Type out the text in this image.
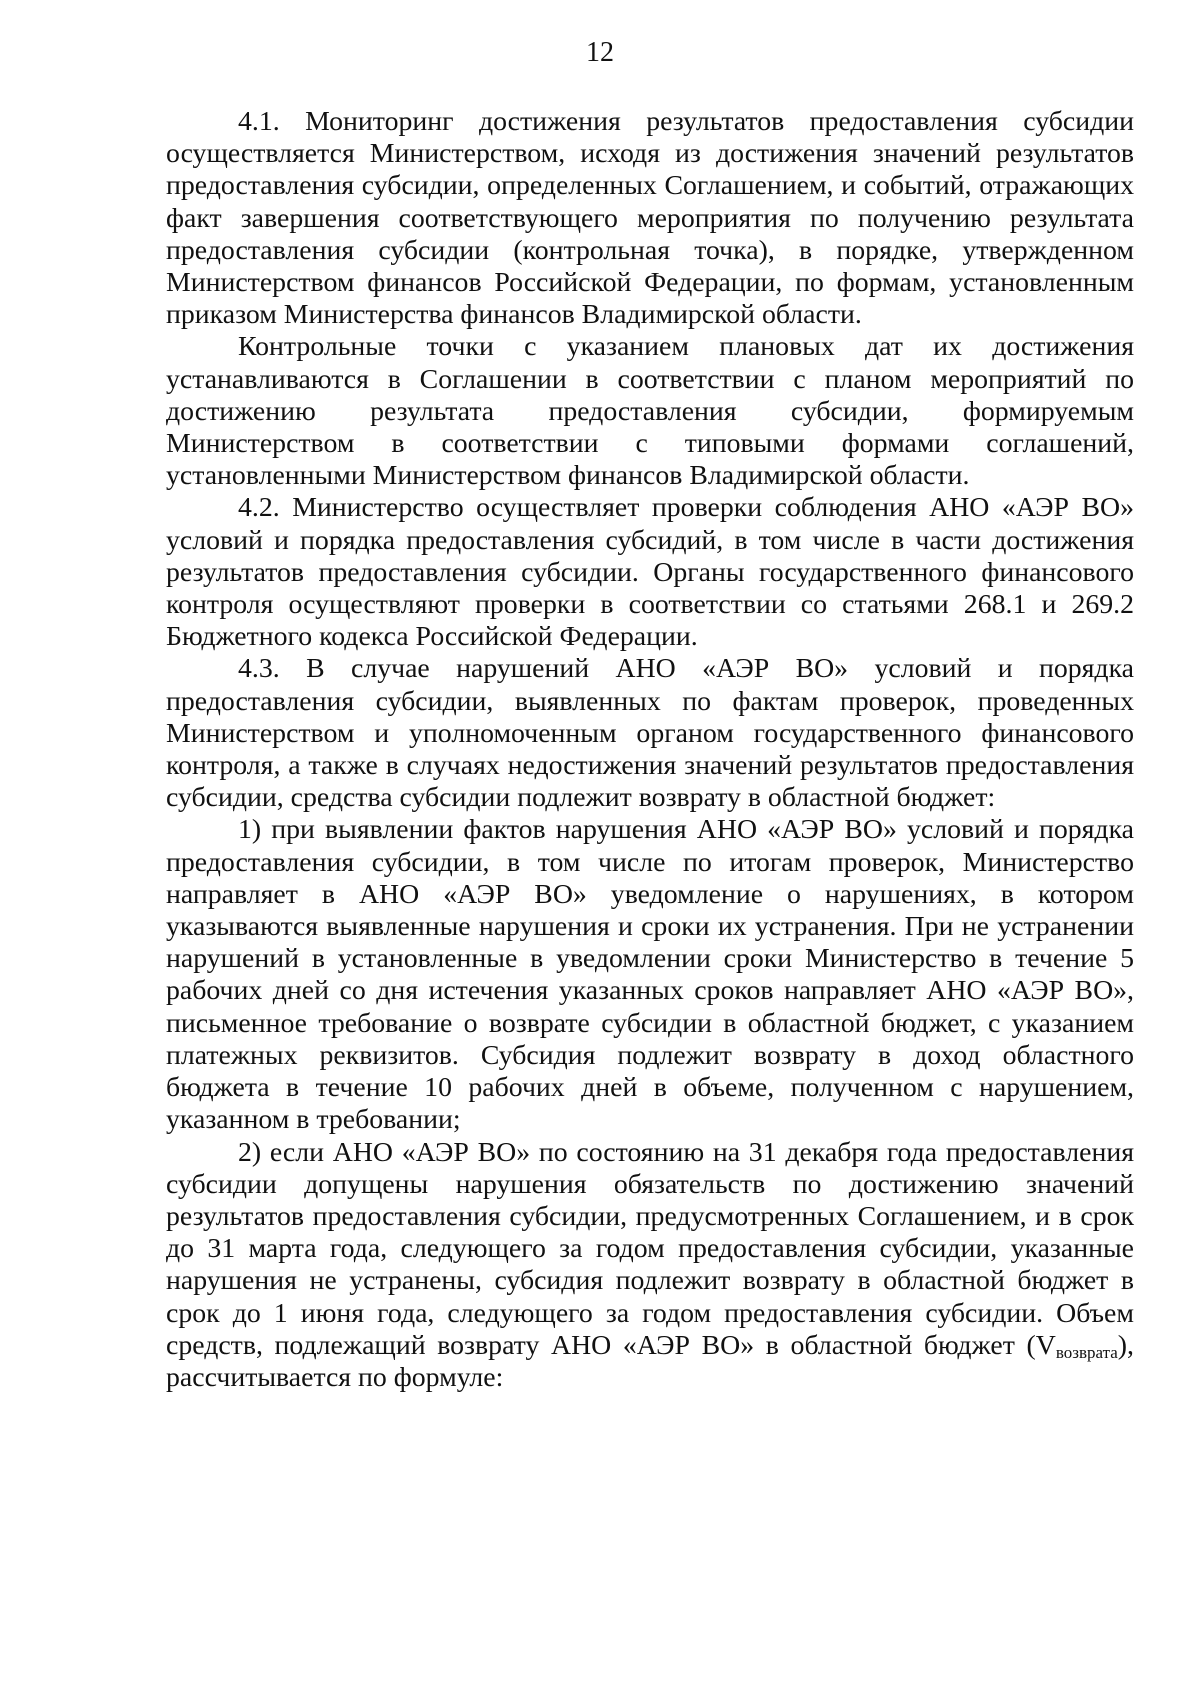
12

4.1. Мониторинг достижения результатов предоставления субсидии осуществляется Министерством, исходя из достижения значений результатов предоставления субсидии, определенных Соглашением, и событий, отражающих факт завершения соответствующего мероприятия по получению результата предоставления субсидии (контрольная точка), в порядке, утвержденном Министерством финансов Российской Федерации, по формам, установленным приказом Министерства финансов Владимирской области.

Контрольные точки с указанием плановых дат их достижения устанавливаются в Соглашении в соответствии с планом мероприятий по достижению результата предоставления субсидии, формируемым Министерством в соответствии с типовыми формами соглашений, установленными Министерством финансов Владимирской области.

4.2. Министерство осуществляет проверки соблюдения АНО «АЭР ВО» условий и порядка предоставления субсидий, в том числе в части достижения результатов предоставления субсидии. Органы государственного финансового контроля осуществляют проверки в соответствии со статьями 268.1 и 269.2 Бюджетного кодекса Российской Федерации.

4.3. В случае нарушений АНО «АЭР ВО» условий и порядка предоставления субсидии, выявленных по фактам проверок, проведенных Министерством и уполномоченным органом государственного финансового контроля, а также в случаях недостижения значений результатов предоставления субсидии, средства субсидии подлежит возврату в областной бюджет:

1) при выявлении фактов нарушения АНО «АЭР ВО» условий и порядка предоставления субсидии, в том числе по итогам проверок, Министерство направляет в АНО «АЭР ВО» уведомление о нарушениях, в котором указываются выявленные нарушения и сроки их устранения. При не устранении нарушений в установленные в уведомлении сроки Министерство в течение 5 рабочих дней со дня истечения указанных сроков направляет АНО «АЭР ВО», письменное требование о возврате субсидии в областной бюджет, с указанием платежных реквизитов. Субсидия подлежит возврату в доход областного бюджета в течение 10 рабочих дней в объеме, полученном с нарушением, указанном в требовании;

2) если АНО «АЭР ВО» по состоянию на 31 декабря года предоставления субсидии допущены нарушения обязательств по достижению значений результатов предоставления субсидии, предусмотренных Соглашением, и в срок до 31 марта года, следующего за годом предоставления субсидии, указанные нарушения не устранены, субсидия подлежит возврату в областной бюджет в срок до 1 июня года, следующего за годом предоставления субсидии. Объем средств, подлежащий возврату АНО «АЭР ВО» в областной бюджет $(V_{возврата})$, рассчитывается по формуле:
